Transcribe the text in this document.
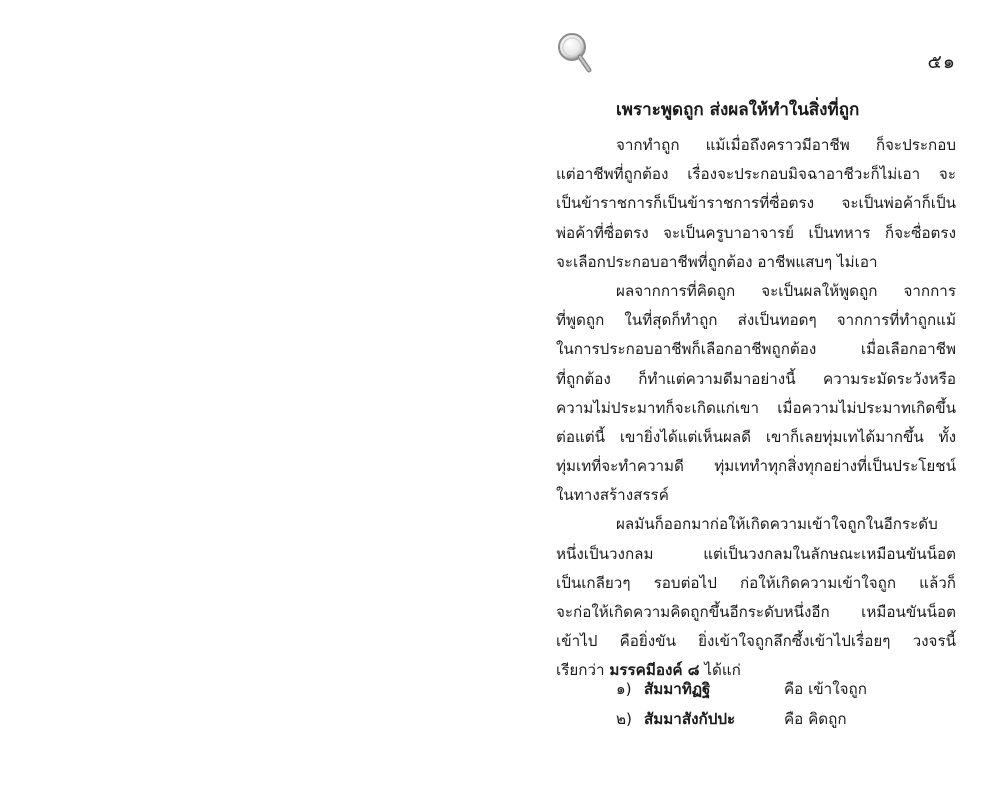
๕๑
เพราะพูดถูก ส่งผลให้ทำในสิ่งที่ถูก
จากทำถูก แม้เมื่อถึงคราวมีอาชีพ ก็จะประกอบ
แต่อาชีพที่ถูกต้อง เรื่องจะประกอบมิจฉาอาชีวะก็ไม่เอา จะ
เป็นข้าราชการก็เป็นข้าราชการที่ซื่อตรง จะเป็นพ่อค้าก็เป็น
พ่อค้าที่ซื่อตรง จะเป็นครูบาอาจารย์ เป็นทหาร ก็จะซื่อตรง
จะเลือกประกอบอาชีพที่ถูกต้อง อาชีพแสบๆ ไม่เอา
ผลจากการที่คิดถูก จะเป็นผลให้พูดถูก จากการ
ที่พูดถูก ในที่สุดก็ทำถูก ส่งเป็นทอดๆ จากการที่ทำถูกแม้
ในการประกอบอาชีพก็เลือกอาชีพถูกต้อง เมื่อเลือกอาชีพ
ที่ถูกต้อง ก็ทำแต่ความดีมาอย่างนี้ ความระมัดระวังหรือ
ความไม่ประมาทก็จะเกิดแก่เขา เมื่อความไม่ประมาทเกิดขึ้น
ต่อแต่นี้ เขายิ่งได้แต่เห็นผลดี เขาก็เลยทุ่มเทได้มากขึ้น ทั้ง
ทุ่มเทที่จะทำความดี ทุ่มเททำทุกสิ่งทุกอย่างที่เป็นประโยชน์
ในทางสร้างสรรค์
ผลมันก็ออกมาก่อให้เกิดความเข้าใจถูกในอีกระดับ
หนึ่งเป็นวงกลม แต่เป็นวงกลมในลักษณะเหมือนขันน็อต
เป็นเกลียวๆ รอบต่อไป ก่อให้เกิดความเข้าใจถูก แล้วก็
จะก่อให้เกิดความคิดถูกขึ้นอีกระดับหนึ่งอีก เหมือนขันน็อต
เข้าไป คือยิ่งขัน ยิ่งเข้าใจถูกลึกซึ้งเข้าไปเรื่อยๆ วงจรนี้
เรียกว่า มรรคมีองค์ ๘ ได้แก่
๑) สัมมาทิฏฐิ	คือ เข้าใจถูก
๒) สัมมาสังกัปปะ	คือ คิดถูก
